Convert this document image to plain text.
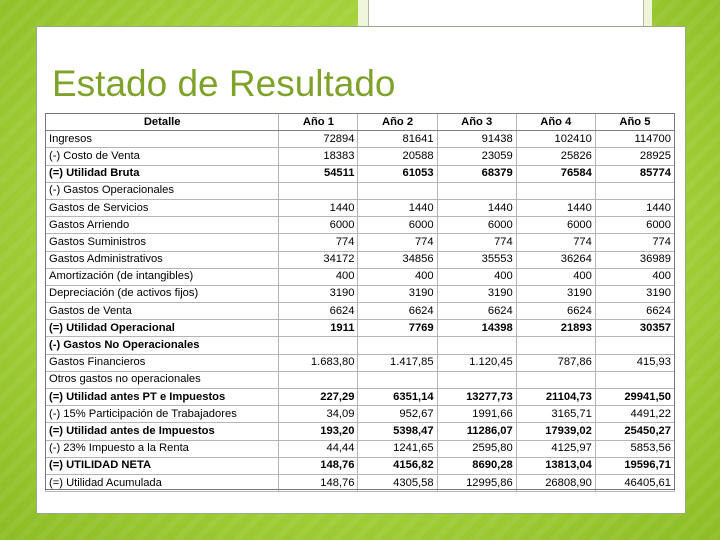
Estado de Resultado
Detalle	Año 1	Año 2	Año 3	Año 4	Año 5
Ingresos	72894	81641	91438	102410	114700
(-) Costo de Venta	18383	20588	23059	25826	28925
(=) Utilidad Bruta	54511	61053	68379	76584	85774
(-) Gastos Operacionales					
Gastos de Servicios	1440	1440	1440	1440	1440
Gastos Arriendo	6000	6000	6000	6000	6000
Gastos Suministros	774	774	774	774	774
Gastos Administrativos	34172	34856	35553	36264	36989
Amortización (de intangibles)	400	400	400	400	400
Depreciación (de activos fijos)	3190	3190	3190	3190	3190
Gastos de Venta	6624	6624	6624	6624	6624
(=) Utilidad Operacional	1911	7769	14398	21893	30357
(-) Gastos No Operacionales					
Gastos Financieros	1.683,80	1.417,85	1.120,45	787,86	415,93
Otros gastos no operacionales					
(=) Utilidad antes PT e Impuestos	227,29	6351,14	13277,73	21104,73	29941,50
(-) 15% Participación de Trabajadores	34,09	952,67	1991,66	3165,71	4491,22
(=) Utilidad antes de Impuestos	193,20	5398,47	11286,07	17939,02	25450,27
(-) 23% Impuesto a la Renta	44,44	1241,65	2595,80	4125,97	5853,56
(=) UTILIDAD NETA	148,76	4156,82	8690,28	13813,04	19596,71
(=) Utilidad Acumulada	148,76	4305,58	12995,86	26808,90	46405,61
